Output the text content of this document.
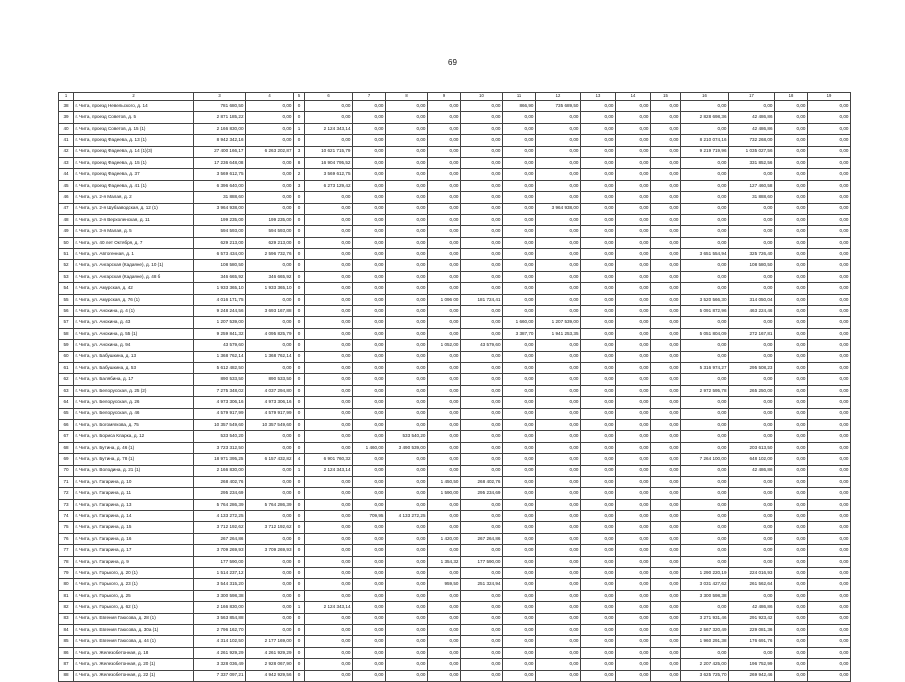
69
1	2	3	4	5	6	7	8	9	10	11	12	13	14	15	16	17	18	19
38	г. Чита, проезд Невельского, д. 14	781 680,50	0,00	0	0,00	0,00	0,00	0,00	0,00	866,90	735 689,50	0,00	0,00	0,00	0,00	0,00	0,00	0,00
39	г. Чита, проезд Советов, д. 5	2 871 185,22	0,00	0	0,00	0,00	0,00	0,00	0,00	0,00	0,00	0,00	0,00	0,00	2 828 698,36	42 486,86	0,00	0,00
40	г. Чита, проезд Советов, д. 15 (1)	2 166 830,00	0,00	1	2 124 343,14	0,00	0,00	0,00	0,00	0,00	0,00	0,00	0,00	0,00	0,00	42 486,86	0,00	0,00
41	г. Чита, проезд Фадеева, д. 13 (1)	8 942 342,16	0,00	0	0,00	0,00	0,00	0,00	0,00	0,00	0,00	0,00	0,00	0,00	8 210 074,16	732 268,00	0,00	0,00
42	г. Чита, проезд Фадеева, д. 14 (1)(3)	27 400 166,17	6 263 202,87	3	10 621 715,79	0,00	0,00	0,00	0,00	0,00	0,00	0,00	0,00	0,00	9 219 719,96	1 035 027,56	0,00	0,00
43	г. Чита, проезд Фадеева, д. 15 (1)	17 236 648,08	0,00	8	16 904 795,52	0,00	0,00	0,00	0,00	0,00	0,00	0,00	0,00	0,00	0,00	331 852,56	0,00	0,00
44	г. Чита, проезд Фадеева, д. 37	3 569 612,75	0,00	2	3 569 612,75	0,00	0,00	0,00	0,00	0,00	0,00	0,00	0,00	0,00	0,00	0,00	0,00	0,00
45	г. Чита, проезд Фадеева, д. 41 (1)	6 396 640,00	0,00	3	6 273 129,42	0,00	0,00	0,00	0,00	0,00	0,00	0,00	0,00	0,00	0,00	127 460,58	0,00	0,00
46	г. Чита, ул. 2-я Малая, д. 2	31 888,60	0,00	0	0,00	0,00	0,00	0,00	0,00	0,00	0,00	0,00	0,00	0,00	0,00	31 888,60	0,00	0,00
47	г. Чита, ул. 2-я Шубзаводская, д. 12 (1)	3 964 938,00	0,00	0	0,00	0,00	0,00	0,00	0,00	0,00	3 964 938,00	0,00	0,00	0,00	0,00	0,00	0,00	0,00
48	г. Чита, ул. 2-я Верхоленская, д. 11	199 235,00	199 235,00	0	0,00	0,00	0,00	0,00	0,00	0,00	0,00	0,00	0,00	0,00	0,00	0,00	0,00	0,00
49	г. Чита, ул. 3-я Малая, д. 5	594 593,00	594 593,00	0	0,00	0,00	0,00	0,00	0,00	0,00	0,00	0,00	0,00	0,00	0,00	0,00	0,00	0,00
50	г. Чита, ул. 40 лет Октября, д. 7	629 213,00	629 213,00	0	0,00	0,00	0,00	0,00	0,00	0,00	0,00	0,00	0,00	0,00	0,00	0,00	0,00	0,00
51	г. Чита, ул. Автогенная, д. 1	6 573 434,00	2 596 732,76	0	0,00	0,00	0,00	0,00	0,00	0,00	0,00	0,00	0,00	0,00	3 651 554,94	325 726,40	0,00	0,00
52	г. Чита, ул. Ангарская (Кадаяне), д. 10 (1)	108 580,50	0,00	0	0,00	0,00	0,00	0,00	0,00	0,00	0,00	0,00	0,00	0,00	0,00	108 580,50	0,00	0,00
53	г. Чита, ул. Ангарская (Кадаяне), д. 48 б	346 665,92	346 665,92	0	0,00	0,00	0,00	0,00	0,00	0,00	0,00	0,00	0,00	0,00	0,00	0,00	0,00	0,00
54	г. Чита, ул. Амурская, д. 42	1 933 365,10	1 933 365,10	0	0,00	0,00	0,00	0,00	0,00	0,00	0,00	0,00	0,00	0,00	0,00	0,00	0,00	0,00
55	г. Чита, ул. Амурская, д. 76 (1)	4 016 171,75	0,00	0	0,00	0,00	0,00	1 096 00	181 724,41	0,00	0,00	0,00	0,00	0,00	3 520 566,30	314 050,04	0,00	0,00
56	г. Чита, ул. Анохина, д. 4 (1)	9 248 244,56	3 693 167,88	0	0,00	0,00	0,00	0,00	0,00	0,00	0,00	0,00	0,00	0,00	5 091 872,96	463 224,46	0,00	0,00
57	г. Чита, ул. Анохина, д. 43	1 207 539,00	0,00	0	0,00	0,00	0,00	0,00	0,00	1 660,00	1 207 539,00	0,00	0,00	0,00	0,00	0,00	0,00	0,00
58	г. Чита, ул. Анохина, д. 55 (1)	9 259 841,32	4 095 825,79	0	0,00	0,00	0,00	0,00	0,00	3 387,70	1 941 253,35	0,00	0,00	0,00	5 051 804,09	272 167,81	0,00	0,00
59	г. Чита, ул. Анохина, д. 94	43 579,60	0,00	0	0,00	0,00	0,00	1 052,00	43 579,60	0,00	0,00	0,00	0,00	0,00	0,00	0,00	0,00	0,00
60	г. Чита, ул. Бабушкина, д. 13	1 368 762,14	1 368 762,14	0	0,00	0,00	0,00	0,00	0,00	0,00	0,00	0,00	0,00	0,00	0,00	0,00	0,00	0,00
61	г. Чита, ул. Бабушкина, д. 53	5 612 482,50	0,00	0	0,00	0,00	0,00	0,00	0,00	0,00	0,00	0,00	0,00	0,00	5 316 974,27	295 508,23	0,00	0,00
62	г. Чита, ул. Балябина, д. 17	890 533,50	890 533,50	0	0,00	0,00	0,00	0,00	0,00	0,00	0,00	0,00	0,00	0,00	0,00	0,00	0,00	0,00
63	г. Чита, ул. Белорусская, д. 25 (2)	7 275 348,02	4 037 294,80	0	0,00	0,00	0,00	0,00	0,00	0,00	0,00	0,00	0,00	0,00	2 972 595,78	265 250,00	0,00	0,00
64	г. Чита, ул. Белорусская, д. 26	4 973 306,16	4 973 306,16	0	0,00	0,00	0,00	0,00	0,00	0,00	0,00	0,00	0,00	0,00	0,00	0,00	0,00	0,00
65	г. Чита, ул. Белорусская, д. 46	4 579 917,99	4 579 917,99	0	0,00	0,00	0,00	0,00	0,00	0,00	0,00	0,00	0,00	0,00	0,00	0,00	0,00	0,00
66	г. Чита, ул. Богомягкова, д. 75	10 357 549,60	10 357 549,60	0	0,00	0,00	0,00	0,00	0,00	0,00	0,00	0,00	0,00	0,00	0,00	0,00	0,00	0,00
67	г. Чита, ул. Бориса Кларка, д. 12	533 540,20	0,00	0	0,00	0,00	533 540,20	0,00	0,00	0,00	0,00	0,00	0,00	0,00	0,00	0,00	0,00	0,00
68	г. Чита, ул. Бутина, д. 46 (1)	3 723 312,50	0,00	0	0,00	1 460,00	3 490 539,00	0,00	0,00	0,00	0,00	0,00	0,00	0,00	0,00	203 613,50	0,00	0,00
69	г. Чита, ул. Бутина, д. 78 (1)	18 971 395,25	6 157 432,82	4	6 901 760,32	0,00	0,00	0,00	0,00	0,00	0,00	0,00	0,00	0,00	7 264 100,00	648 102,00	0,00	0,00
70	г. Чита, ул. Володина, д. 21 (1)	2 166 830,00	0,00	1	2 124 343,14	0,00	0,00	0,00	0,00	0,00	0,00	0,00	0,00	0,00	0,00	42 486,86	0,00	0,00
71	г. Чита, ул. Гагарина, д. 10	268 402,76	0,00	0	0,00	0,00	0,00	1 450,50	268 402,76	0,00	0,00	0,00	0,00	0,00	0,00	0,00	0,00	0,00
72	г. Чита, ул. Гагарина, д. 11	295 234,69	0,00	0	0,00	0,00	0,00	1 590,00	295 234,69	0,00	0,00	0,00	0,00	0,00	0,00	0,00	0,00	0,00
73	г. Чита, ул. Гагарина, д. 13	5 764 286,39	5 764 286,39	0	0,00	0,00	0,00	0,00	0,00	0,00	0,00	0,00	0,00	0,00	0,00	0,00	0,00	0,00
74	г. Чита, ул. Гагарина, д. 14	4 133 272,25	0,00	0	0,00	709,95	4 133 272,25	0,00	0,00	0,00	0,00	0,00	0,00	0,00	0,00	0,00	0,00	0,00
75	г. Чита, ул. Гагарина, д. 15	3 712 192,62	3 712 192,62	0	0,00	0,00	0,00	0,00	0,00	0,00	0,00	0,00	0,00	0,00	0,00	0,00	0,00	0,00
76	г. Чита, ул. Гагарина, д. 16	267 264,86	0,00	0	0,00	0,00	0,00	1 420,00	267 264,86	0,00	0,00	0,00	0,00	0,00	0,00	0,00	0,00	0,00
77	г. Чита, ул. Гагарина, д. 17	3 709 269,93	3 709 269,93	0	0,00	0,00	0,00	0,00	0,00	0,00	0,00	0,00	0,00	0,00	0,00	0,00	0,00	0,00
78	г. Чита, ул. Гагарина, д. 9	177 590,00	0,00	0	0,00	0,00	0,00	1 354,32	177 590,00	0,00	0,00	0,00	0,00	0,00	0,00	0,00	0,00	0,00
79	г. Чита, ул. Горького, д. 20 (1)	1 514 237,12	0,00	0	0,00	0,00	0,00	0,00	0,00	0,00	0,00	0,00	0,00	0,00	1 290 220,19	224 016,93	0,00	0,00
80	г. Чита, ул. Горького, д. 23 (1)	3 544 315,20	0,00	0	0,00	0,00	0,00	959,50	251 324,94	0,00	0,00	0,00	0,00	0,00	3 031 427,62	261 562,64	0,00	0,00
81	г. Чита, ул. Горького, д. 25	3 300 598,38	0,00	0	0,00	0,00	0,00	0,00	0,00	0,00	0,00	0,00	0,00	0,00	3 300 598,38	0,00	0,00	0,00
82	г. Чита, ул. Горького, д. 62 (1)	2 166 830,00	0,00	1	2 124 343,14	0,00	0,00	0,00	0,00	0,00	0,00	0,00	0,00	0,00	0,00	42 486,86	0,00	0,00
83	г. Чита, ул. Евгения Гаюсова, д. 28 (1)	3 563 854,88	0,00	0	0,00	0,00	0,00	0,00	0,00	0,00	0,00	0,00	0,00	0,00	3 271 931,46	291 923,42	0,00	0,00
84	г. Чита, ул. Евгения Гаюсова, д. 30а (1)	2 796 162,70	0,00	0	0,00	0,00	0,00	0,00	0,00	0,00	0,00	0,00	0,00	0,00	2 567 320,49	229 081,36	0,00	0,00
85	г. Чита, ул. Евгения Гаюсова, д. 44 (1)	4 314 102,50	2 177 169,00	0	0,00	0,00	0,00	0,00	0,00	0,00	0,00	0,00	0,00	0,00	1 960 291,38	176 691,76	0,00	0,00
86	г. Чита, ул. Железобетонная, д. 18	4 261 929,29	4 261 929,29	0	0,00	0,00	0,00	0,00	0,00	0,00	0,00	0,00	0,00	0,00	0,00	0,00	0,00	0,00
87	г. Чита, ул. Железобетонная, д. 20 (1)	3 328 036,49	2 928 067,90	0	0,00	0,00	0,00	0,00	0,00	0,00	0,00	0,00	0,00	0,00	2 207 425,00	196 752,99	0,00	0,00
88	г. Чита, ул. Железобетонная, д. 22 (1)	7 337 097,21	4 942 929,56	0	0,00	0,00	0,00	0,00	0,00	0,00	0,00	0,00	0,00	0,00	3 625 725,70	269 942,46	0,00	0,00
